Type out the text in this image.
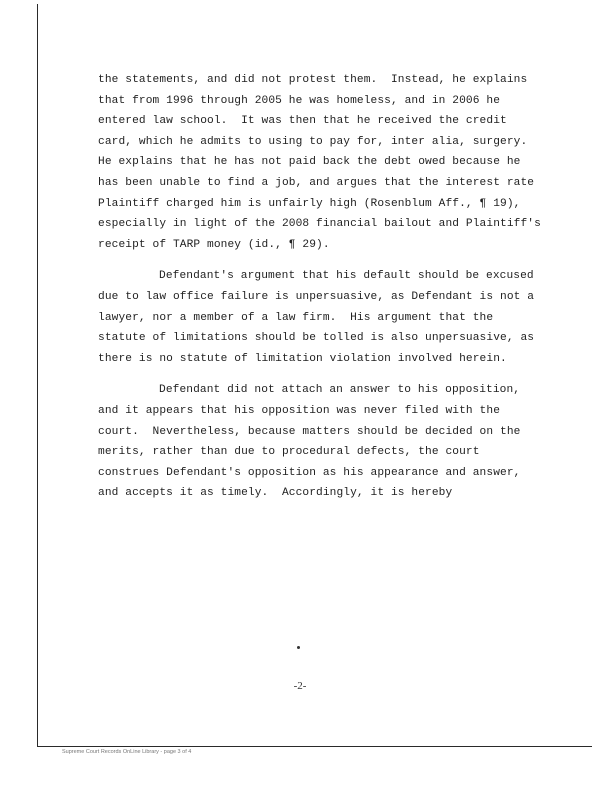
the statements, and did not protest them.  Instead, he explains
that from 1996 through 2005 he was homeless, and in 2006 he
entered law school.  It was then that he received the credit
card, which he admits to using to pay for, inter alia, surgery.
He explains that he has not paid back the debt owed because he
has been unable to find a job, and argues that the interest rate
Plaintiff charged him is unfairly high (Rosenblum Aff., ¶ 19),
especially in light of the 2008 financial bailout and Plaintiff's
receipt of TARP money (id., ¶ 29).
Defendant's argument that his default should be excused
due to law office failure is unpersuasive, as Defendant is not a
lawyer, nor a member of a law firm.  His argument that the
statute of limitations should be tolled is also unpersuasive, as
there is no statute of limitation violation involved herein.
Defendant did not attach an answer to his opposition,
and it appears that his opposition was never filed with the
court.  Nevertheless, because matters should be decided on the
merits, rather than due to procedural defects, the court
construes Defendant's opposition as his appearance and answer,
and accepts it as timely.  Accordingly, it is hereby
-2-
Supreme Court Records OnLine Library - page 3 of 4
